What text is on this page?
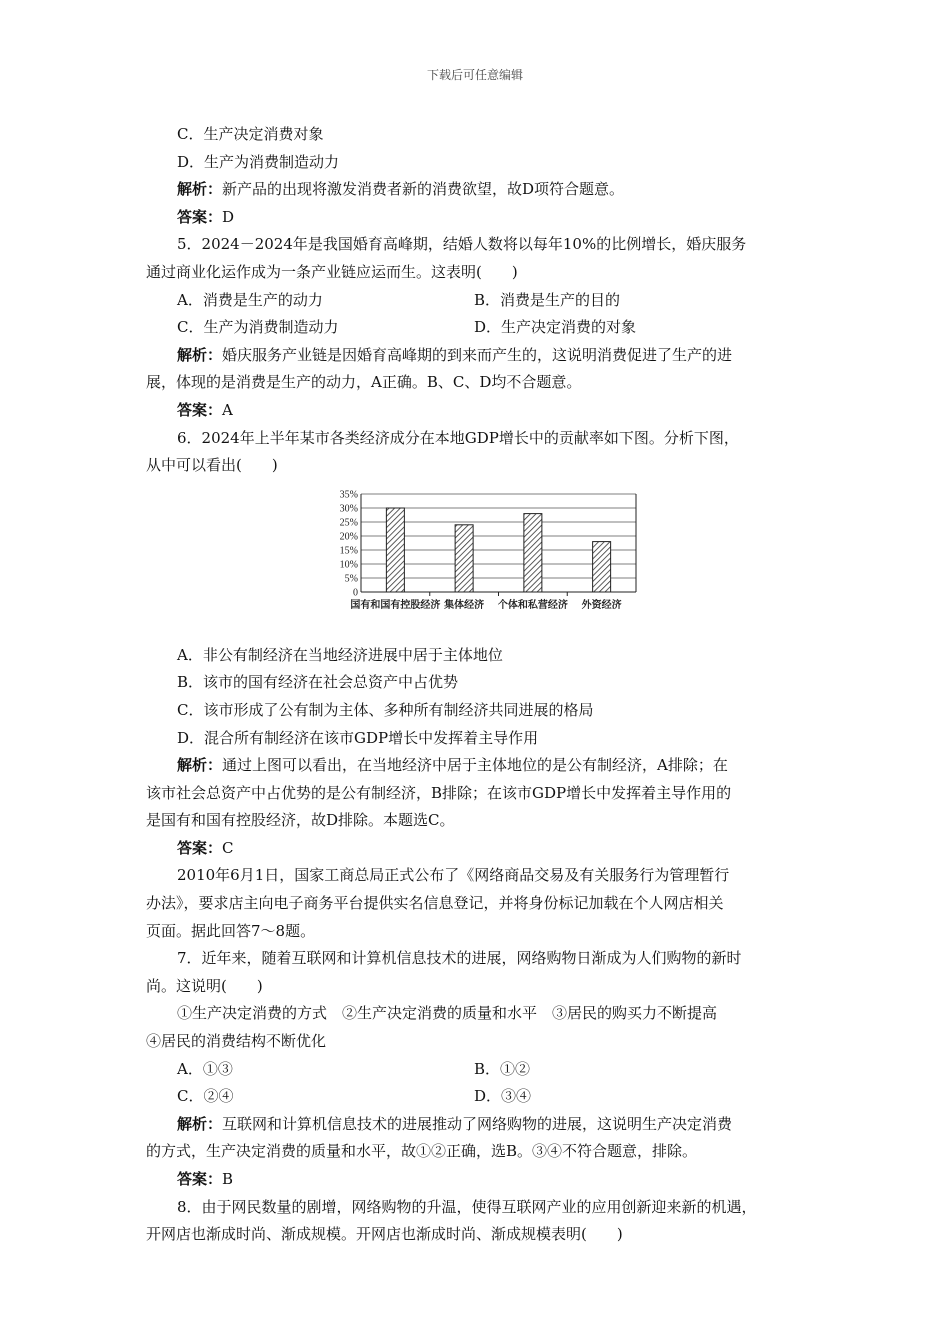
下载后可任意编辑

C．生产决定消费对象

D．生产为消费制造动力

解析：新产品的出现将激发消费者新的消费欲望，故D项符合题意。

答案：D

5．2024－2024年是我国婚育高峰期，结婚人数将以每年10%的比例增长，婚庆服务
通过商业化运作成为一条产业链应运而生。这表明(　　)

A．消费是生产的动力	B．消费是生产的目的
C．生产为消费制造动力	D．生产决定消费的对象

解析：婚庆服务产业链是因婚育高峰期的到来而产生的，这说明消费促进了生产的进
展，体现的是消费是生产的动力，A正确。B、C、D均不合题意。

答案：A

6．2024年上半年某市各类经济成分在本地GDP增长中的贡献率如下图。分析下图，
从中可以看出(　　)

0
5%
10%
15%
20%
25%
30%
35%
国有和国有控股经济 集体经济 个体和私营经济 外资经济

A．非公有制经济在当地经济进展中居于主体地位

B．该市的国有经济在社会总资产中占优势

C．该市形成了公有制为主体、多种所有制经济共同进展的格局

D．混合所有制经济在该市GDP增长中发挥着主导作用

解析：通过上图可以看出，在当地经济中居于主体地位的是公有制经济，A排除；在
该市社会总资产中占优势的是公有制经济，B排除；在该市GDP增长中发挥着主导作用的
是国有和国有控股经济，故D排除。本题选C。

答案：C

2010年6月1日，国家工商总局正式公布了《网络商品交易及有关服务行为管理暂行
办法》，要求店主向电子商务平台提供实名信息登记，并将身份标记加载在个人网店相关
页面。据此回答7～8题。

7．近年来，随着互联网和计算机信息技术的进展，网络购物日渐成为人们购物的新时
尚。这说明(　　)

①生产决定消费的方式　②生产决定消费的质量和水平　③居民的购买力不断提高
④居民的消费结构不断优化

A．①③	B．①②
C．②④	D．③④

解析：互联网和计算机信息技术的进展推动了网络购物的进展，这说明生产决定消费
的方式，生产决定消费的质量和水平，故①②正确，选B。③④不符合题意，排除。

答案：B

8．由于网民数量的剧增，网络购物的升温，使得互联网产业的应用创新迎来新的机遇，
开网店也渐成时尚、渐成规模。开网店也渐成时尚、渐成规模表明(　　)
